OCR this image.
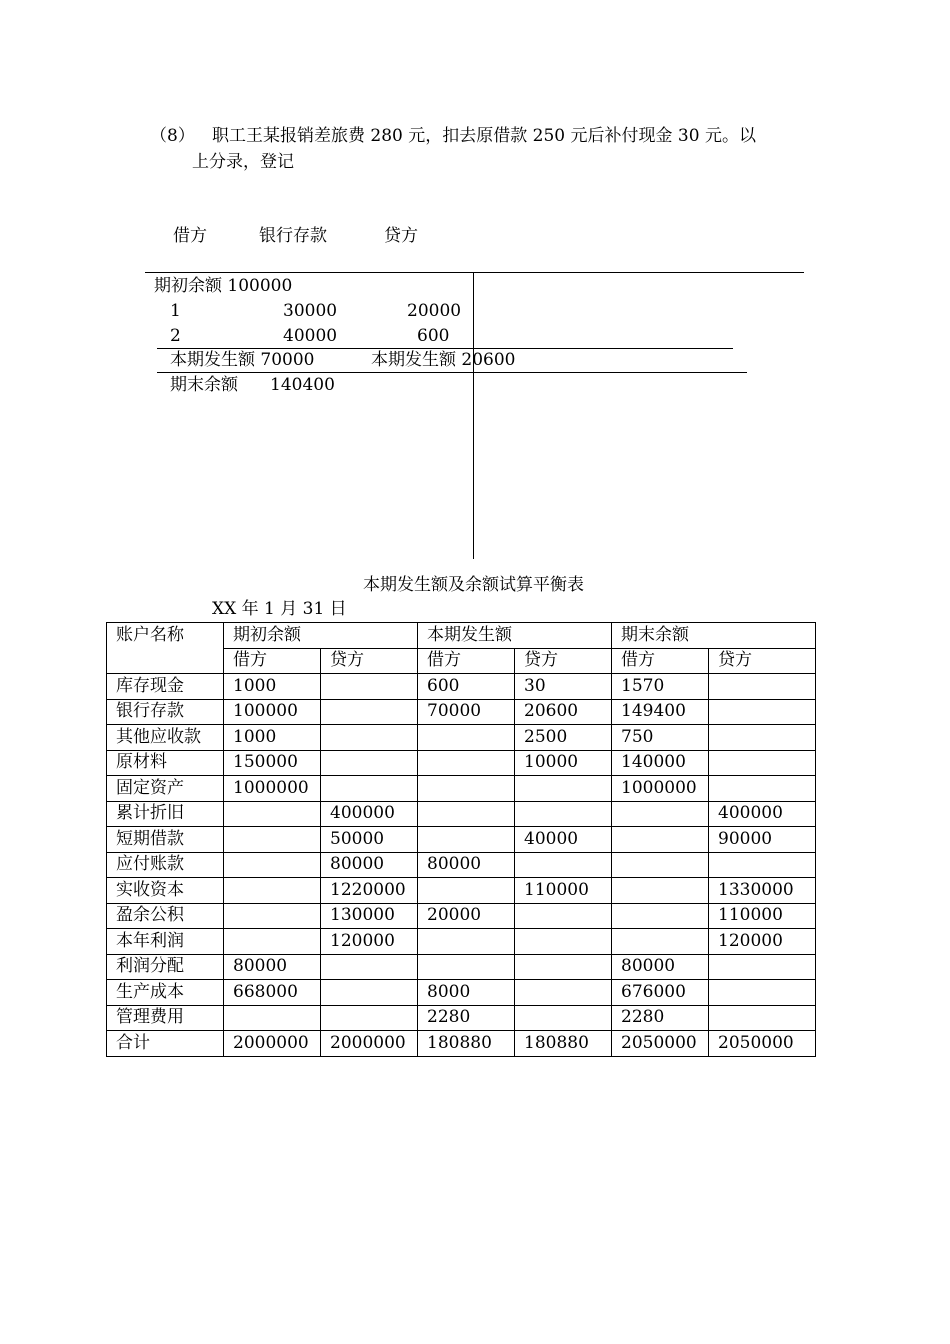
（8） 职工王某报销差旅费 280 元，扣去原借款 250 元后补付现金 30 元。以
上分录，登记
借方	银行存款	贷方
期初余额 100000
1	30000	20000
2	40000	600
本期发生额 70000	本期发生额 20600
期末余额 140400
本期发生额及余额试算平衡表
XX 年 1 月 31 日
账户名称	期初余额		本期发生额		期末余额	
	借方	贷方	借方	贷方	借方	贷方
库存现金	1000		600	30	1570	
银行存款	100000		70000	20600	149400	
其他应收款	1000			2500	750	
原材料	150000			10000	140000	
固定资产	1000000				1000000	
累计折旧		400000				400000
短期借款		50000		40000		90000
应付账款		80000	80000			
实收资本		1220000		110000		1330000
盈余公积		130000	20000			110000
本年利润		120000				120000
利润分配	80000				80000	
生产成本	668000		8000		676000	
管理费用			2280		2280	
合计	2000000	2000000	180880	180880	2050000	2050000
